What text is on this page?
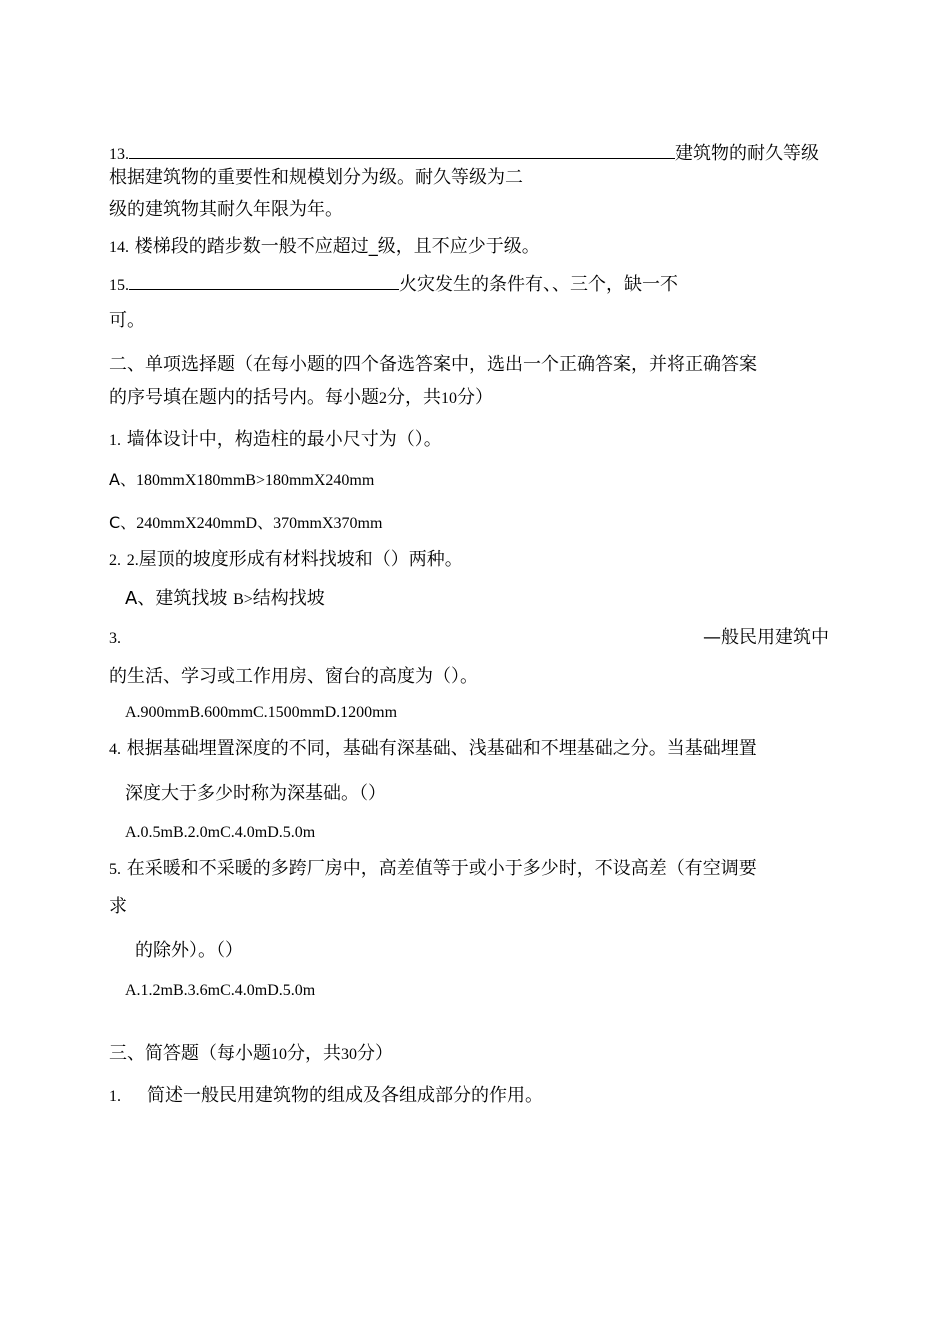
13.	建筑物的耐久等级
根据建筑物的重要性和规模划分为级。耐久等级为二
级的建筑物其耐久年限为年。
14. 楼梯段的踏步数一般不应超过_级，且不应少于级。
15.	火灾发生的条件有、、三个，缺一不
可。
二、单项选择题（在每小题的四个备选答案中，选出一个正确答案，并将正确答案
的序号填在题内的括号内。每小题2分，共10分）
1. 墙体设计中，构造柱的最小尺寸为（）。
A、180mmX180mmB>180mmX240mm
C、240mmX240mmD、370mmX370mm
2. 2.屋顶的坡度形成有材料找坡和（）两种。
A、建筑找坡 B>结构找坡
3.	—般民用建筑中
的生活、学习或工作用房、窗台的高度为（）。
A.900mmB.600mmC.1500mmD.1200mm
4. 根据基础埋置深度的不同，基础有深基础、浅基础和不埋基础之分。当基础埋置
深度大于多少时称为深基础。（）
A.0.5mB.2.0mC.4.0mD.5.0m
5. 在采暖和不采暖的多跨厂房中，高差值等于或小于多少时，不设高差（有空调要
求
的除外）。（）
A.1.2mB.3.6mC.4.0mD.5.0m
三、简答题（每小题10分，共30分）
1. 简述一般民用建筑物的组成及各组成部分的作用。
